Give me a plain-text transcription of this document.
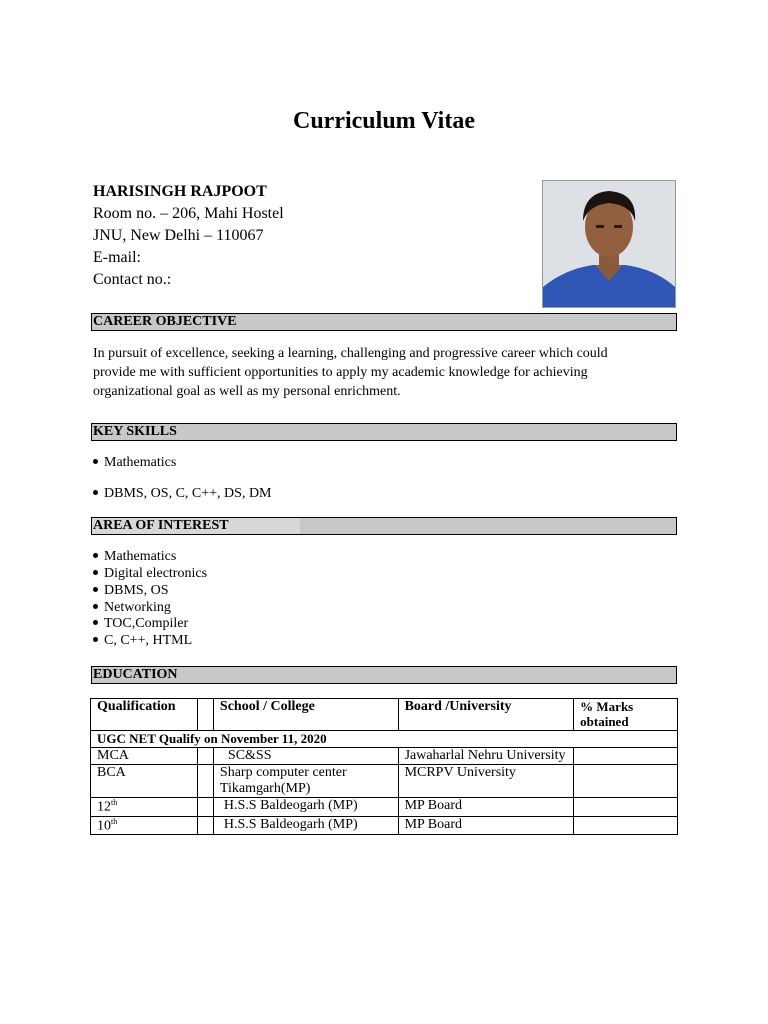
Curriculum Vitae
HARISINGH RAJPOOT
Room no. – 206, Mahi Hostel
JNU, New Delhi – 110067
E-mail:
Contact no.:
CAREER OBJECTIVE
In pursuit of excellence, seeking a learning, challenging and progressive career which could
provide me with sufficient opportunities to apply my academic knowledge for achieving
organizational goal as well as my personal enrichment.
KEY SKILLS
Mathematics
DBMS, OS, C, C++, DS, DM
AREA OF INTEREST
Mathematics
Digital electronics
DBMS, OS
Networking
TOC,Compiler
C, C++, HTML
EDUCATION
Qualification		School / College	Board /University	% Marks obtained
UGC NET Qualify on November 11, 2020				
MCA		SC&SS	Jawaharlal Nehru University	
BCA		Sharp computer center Tikamgarh(MP)	MCRPV University	
12th		H.S.S Baldeogarh (MP)	MP Board	
10th		H.S.S Baldeogarh (MP)	MP Board	
